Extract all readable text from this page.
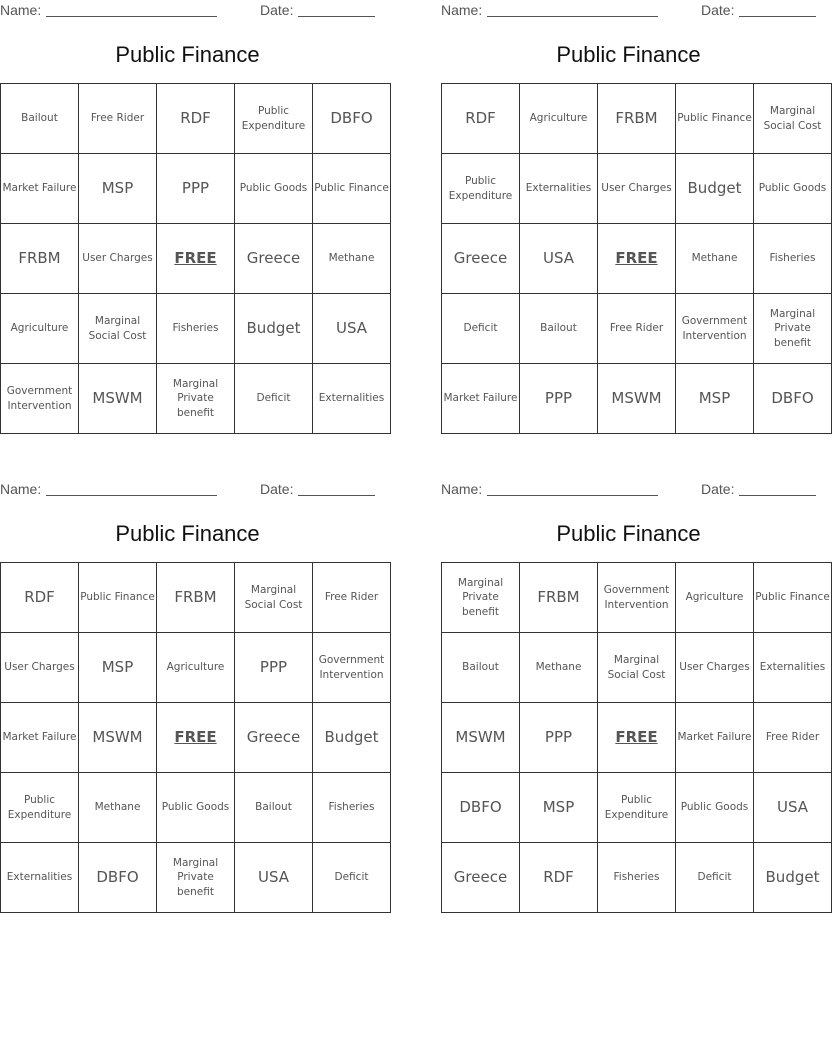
Name:	Date:
Public Finance
Bailout	Free Rider	RDF	Public Expenditure	DBFO
Market Failure	MSP	PPP	Public Goods	Public Finance
FRBM	User Charges	FREE	Greece	Methane
Agriculture	Marginal Social Cost	Fisheries	Budget	USA
Government Intervention	MSWM	Marginal Private benefit	Deficit	Externalities
Name:	Date:
Public Finance
RDF	Agriculture	FRBM	Public Finance	Marginal Social Cost
Public Expenditure	Externalities	User Charges	Budget	Public Goods
Greece	USA	FREE	Methane	Fisheries
Deficit	Bailout	Free Rider	Government Intervention	Marginal Private benefit
Market Failure	PPP	MSWM	MSP	DBFO
Name:	Date:
Public Finance
RDF	Public Finance	FRBM	Marginal Social Cost	Free Rider
User Charges	MSP	Agriculture	PPP	Government Intervention
Market Failure	MSWM	FREE	Greece	Budget
Public Expenditure	Methane	Public Goods	Bailout	Fisheries
Externalities	DBFO	Marginal Private benefit	USA	Deficit
Name:	Date:
Public Finance
Marginal Private benefit	FRBM	Government Intervention	Agriculture	Public Finance
Bailout	Methane	Marginal Social Cost	User Charges	Externalities
MSWM	PPP	FREE	Market Failure	Free Rider
DBFO	MSP	Public Expenditure	Public Goods	USA
Greece	RDF	Fisheries	Deficit	Budget
